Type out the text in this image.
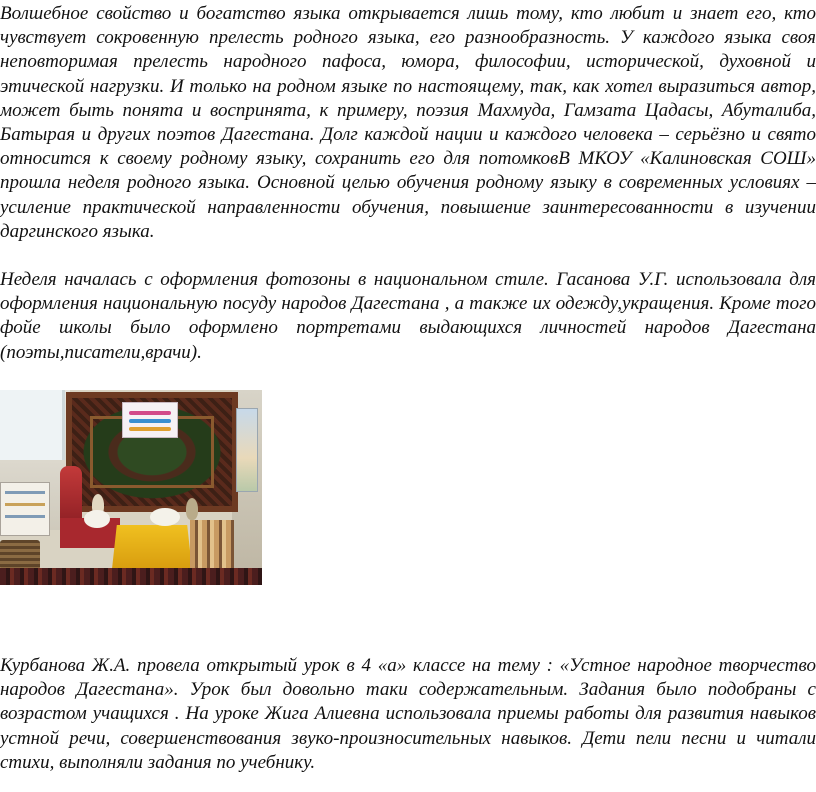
Волшебное свойство и богатство языка открывается лишь тому, кто любит и знает его, кто чувствует сокровенную прелесть родного языка, его разнообразность. У каждого языка своя неповторимая прелесть народного пафоса, юмора, философии, исторической, духовной и этической нагрузки. И только на родном языке по настоящему, так, как хотел выразиться автор, может быть понята и воспринята, к примеру, поэзия Махмуда, Гамзата Цадасы, Абуталиба, Батырая и других поэтов Дагестана. Долг каждой нации и каждого человека – серьёзно и свято относится к своему родному языку, сохранить его для потомковВ МКОУ «Калиновская СОШ» прошла неделя родного языка. Основной целью обучения родному языку в современных условиях – усиление практической направленности обучения, повышение заинтересованности в изучении даргинского языка.

Неделя началась с оформления фотозоны в национальном стиле. Гасанова У.Г. использовала для оформления национальную посуду народов Дагестана , а также их одежду,укращения. Кроме того фойе школы было оформлено портретами выдающихся личностей народов Дагестана (поэты,писатели,врачи).

Курбанова Ж.А. провела открытый урок в 4 «а» классе на тему : «Устное народное творчество народов Дагестана». Урок был довольно таки содержательным. Задания было подобраны с возрастом учащихся . На уроке Жига Алиевна использовала приемы работы для развития навыков устной речи, совершенствования звуко-произносительных навыков. Дети пели песни и читали стихи, выполняли задания по учебнику.
